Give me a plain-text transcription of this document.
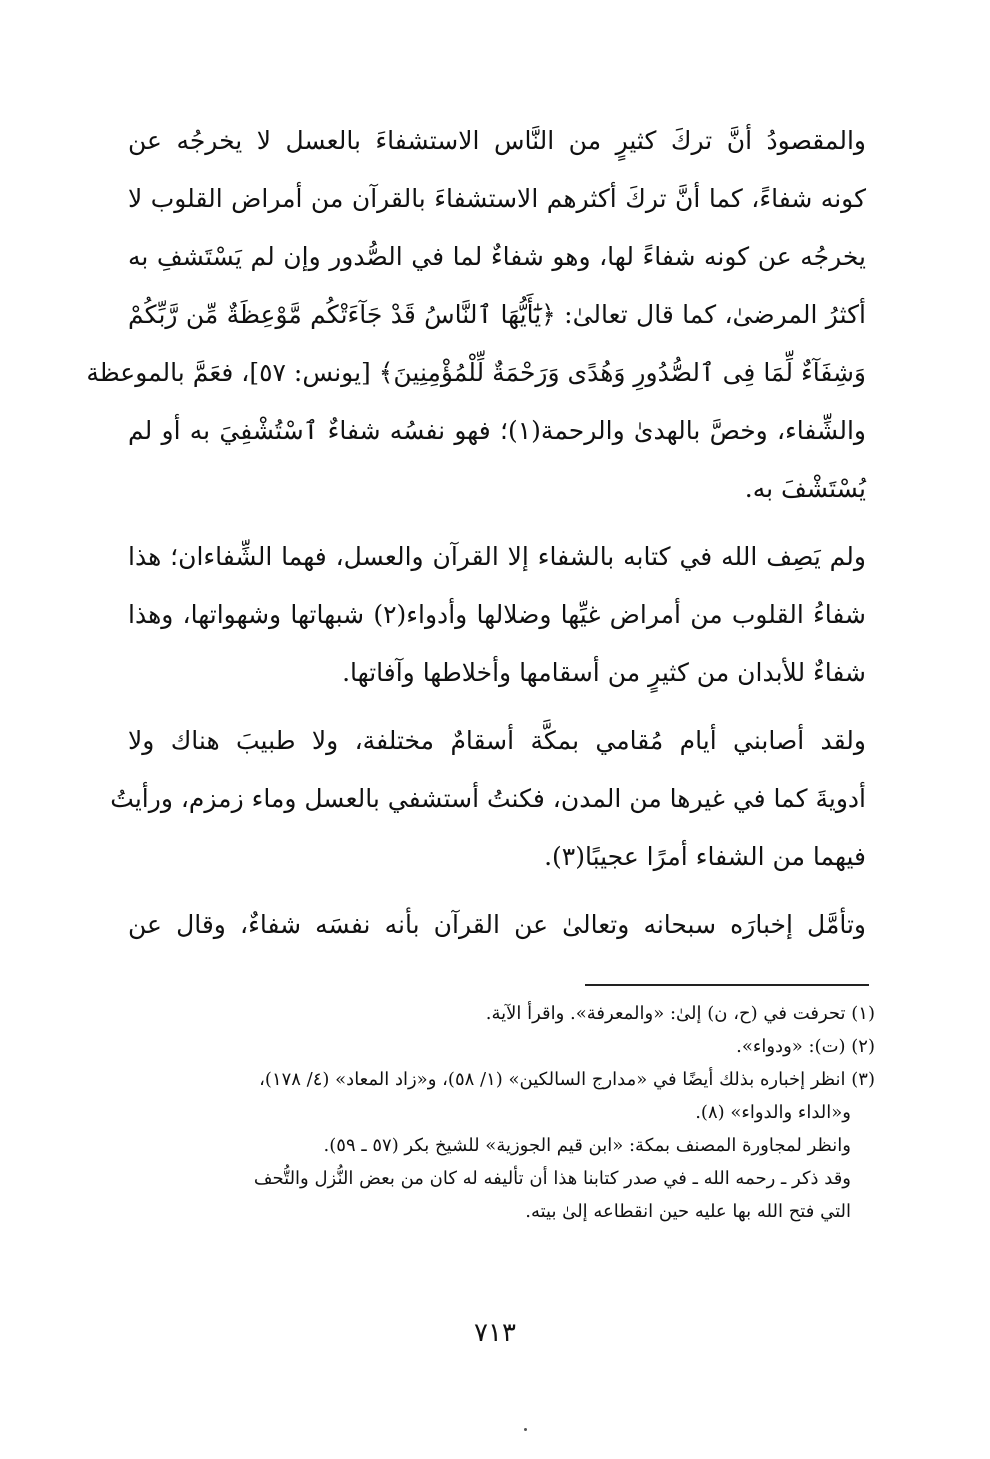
والمقصودُ أنَّ تركَ كثيرٍ من النَّاس الاستشفاءَ بالعسل لا يخرجُه عن
كونه شفاءً، كما أنَّ تركَ أكثرهم الاستشفاءَ بالقرآن من أمراض القلوب لا
يخرجُه عن كونه شفاءً لها، وهو شفاءٌ لما في الصُّدور وإن لم يَسْتَشفِ به
أكثرُ المرضىٰ، كما قال تعالىٰ: ﴿يَٰٓأَيُّهَا ٱلنَّاسُ قَدْ جَآءَتْكُم مَّوْعِظَةٌ مِّن رَّبِّكُمْ
وَشِفَآءٌ لِّمَا فِى ٱلصُّدُورِ وَهُدًى وَرَحْمَةٌ لِّلْمُؤْمِنِينَ﴾ [يونس: ٥٧]، فعَمَّ بالموعظة
والشِّفاء، وخصَّ بالهدىٰ والرحمة(١)؛ فهو نفسُه شفاءٌ ٱسْتُشْفِيَ به أو لم
يُسْتَشْفَ به.
ولم يَصِف الله في كتابه بالشفاء إلا القرآن والعسل، فهما الشِّفاءان؛ هذا
شفاءُ القلوب من أمراض غيِّها وضلالها وأدواء(٢) شبهاتها وشهواتها، وهذا
شفاءٌ للأبدان من كثيرٍ من أسقامها وأخلاطها وآفاتها.
ولقد أصابني أيام مُقامي بمكَّة أسقامٌ مختلفة، ولا طبيبَ هناك ولا
أدويةَ كما في غيرها من المدن، فكنتُ أستشفي بالعسل وماء زمزم، ورأيتُ
فيهما من الشفاء أمرًا عجيبًا(٣).
وتأمَّل إخبارَه سبحانه وتعالىٰ عن القرآن بأنه نفسَه شفاءٌ، وقال عن
(١) تحرفت في (ح، ن) إلىٰ: «والمعرفة». واقرأ الآية.
(٢) (ت): «ودواء».
(٣) انظر إخباره بذلك أيضًا في «مدارج السالكين» (١/ ٥٨)، و«زاد المعاد» (٤/ ١٧٨)،
و«الداء والدواء» (٨).
وانظر لمجاورة المصنف بمكة: «ابن قيم الجوزية» للشيخ بكر (٥٧ ـ ٥٩).
وقد ذكر ـ رحمه الله ـ في صدر كتابنا هذا أن تأليفه له كان من بعض النُّزل والتُّحف
التي فتح الله بها عليه حين انقطاعه إلىٰ بيته.
٧١٣
